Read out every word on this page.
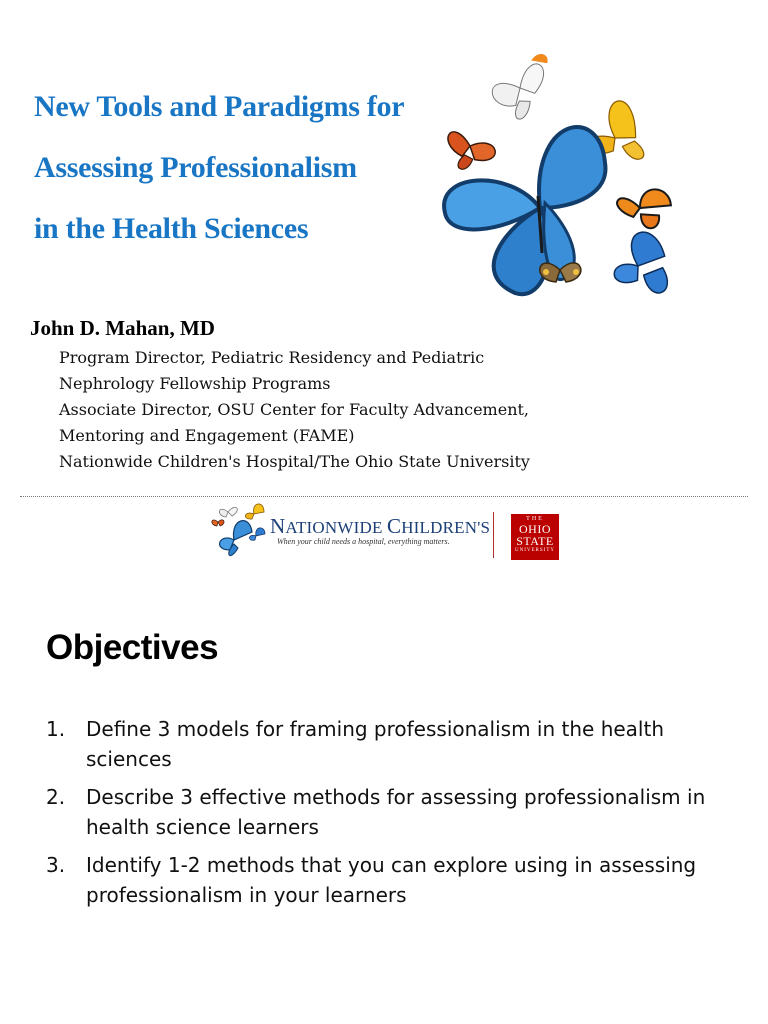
New Tools and Paradigms for
Assessing Professionalism
in the Health Sciences
John D. Mahan, MD
Program Director, Pediatric Residency and Pediatric
Nephrology Fellowship Programs
Associate Director, OSU Center for Faculty Advancement,
Mentoring and Engagement (FAME)
Nationwide Children's Hospital/The Ohio State University
NATIONWIDE CHILDREN'S
When your child needs a hospital, everything matters.
THE
OHIO
STATE
UNIVERSITY
Objectives
1. Define 3 models for framing professionalism in the health sciences
2. Describe 3 effective methods for assessing professionalism in health science learners
3. Identify 1-2 methods that you can explore using in assessing professionalism in your learners
